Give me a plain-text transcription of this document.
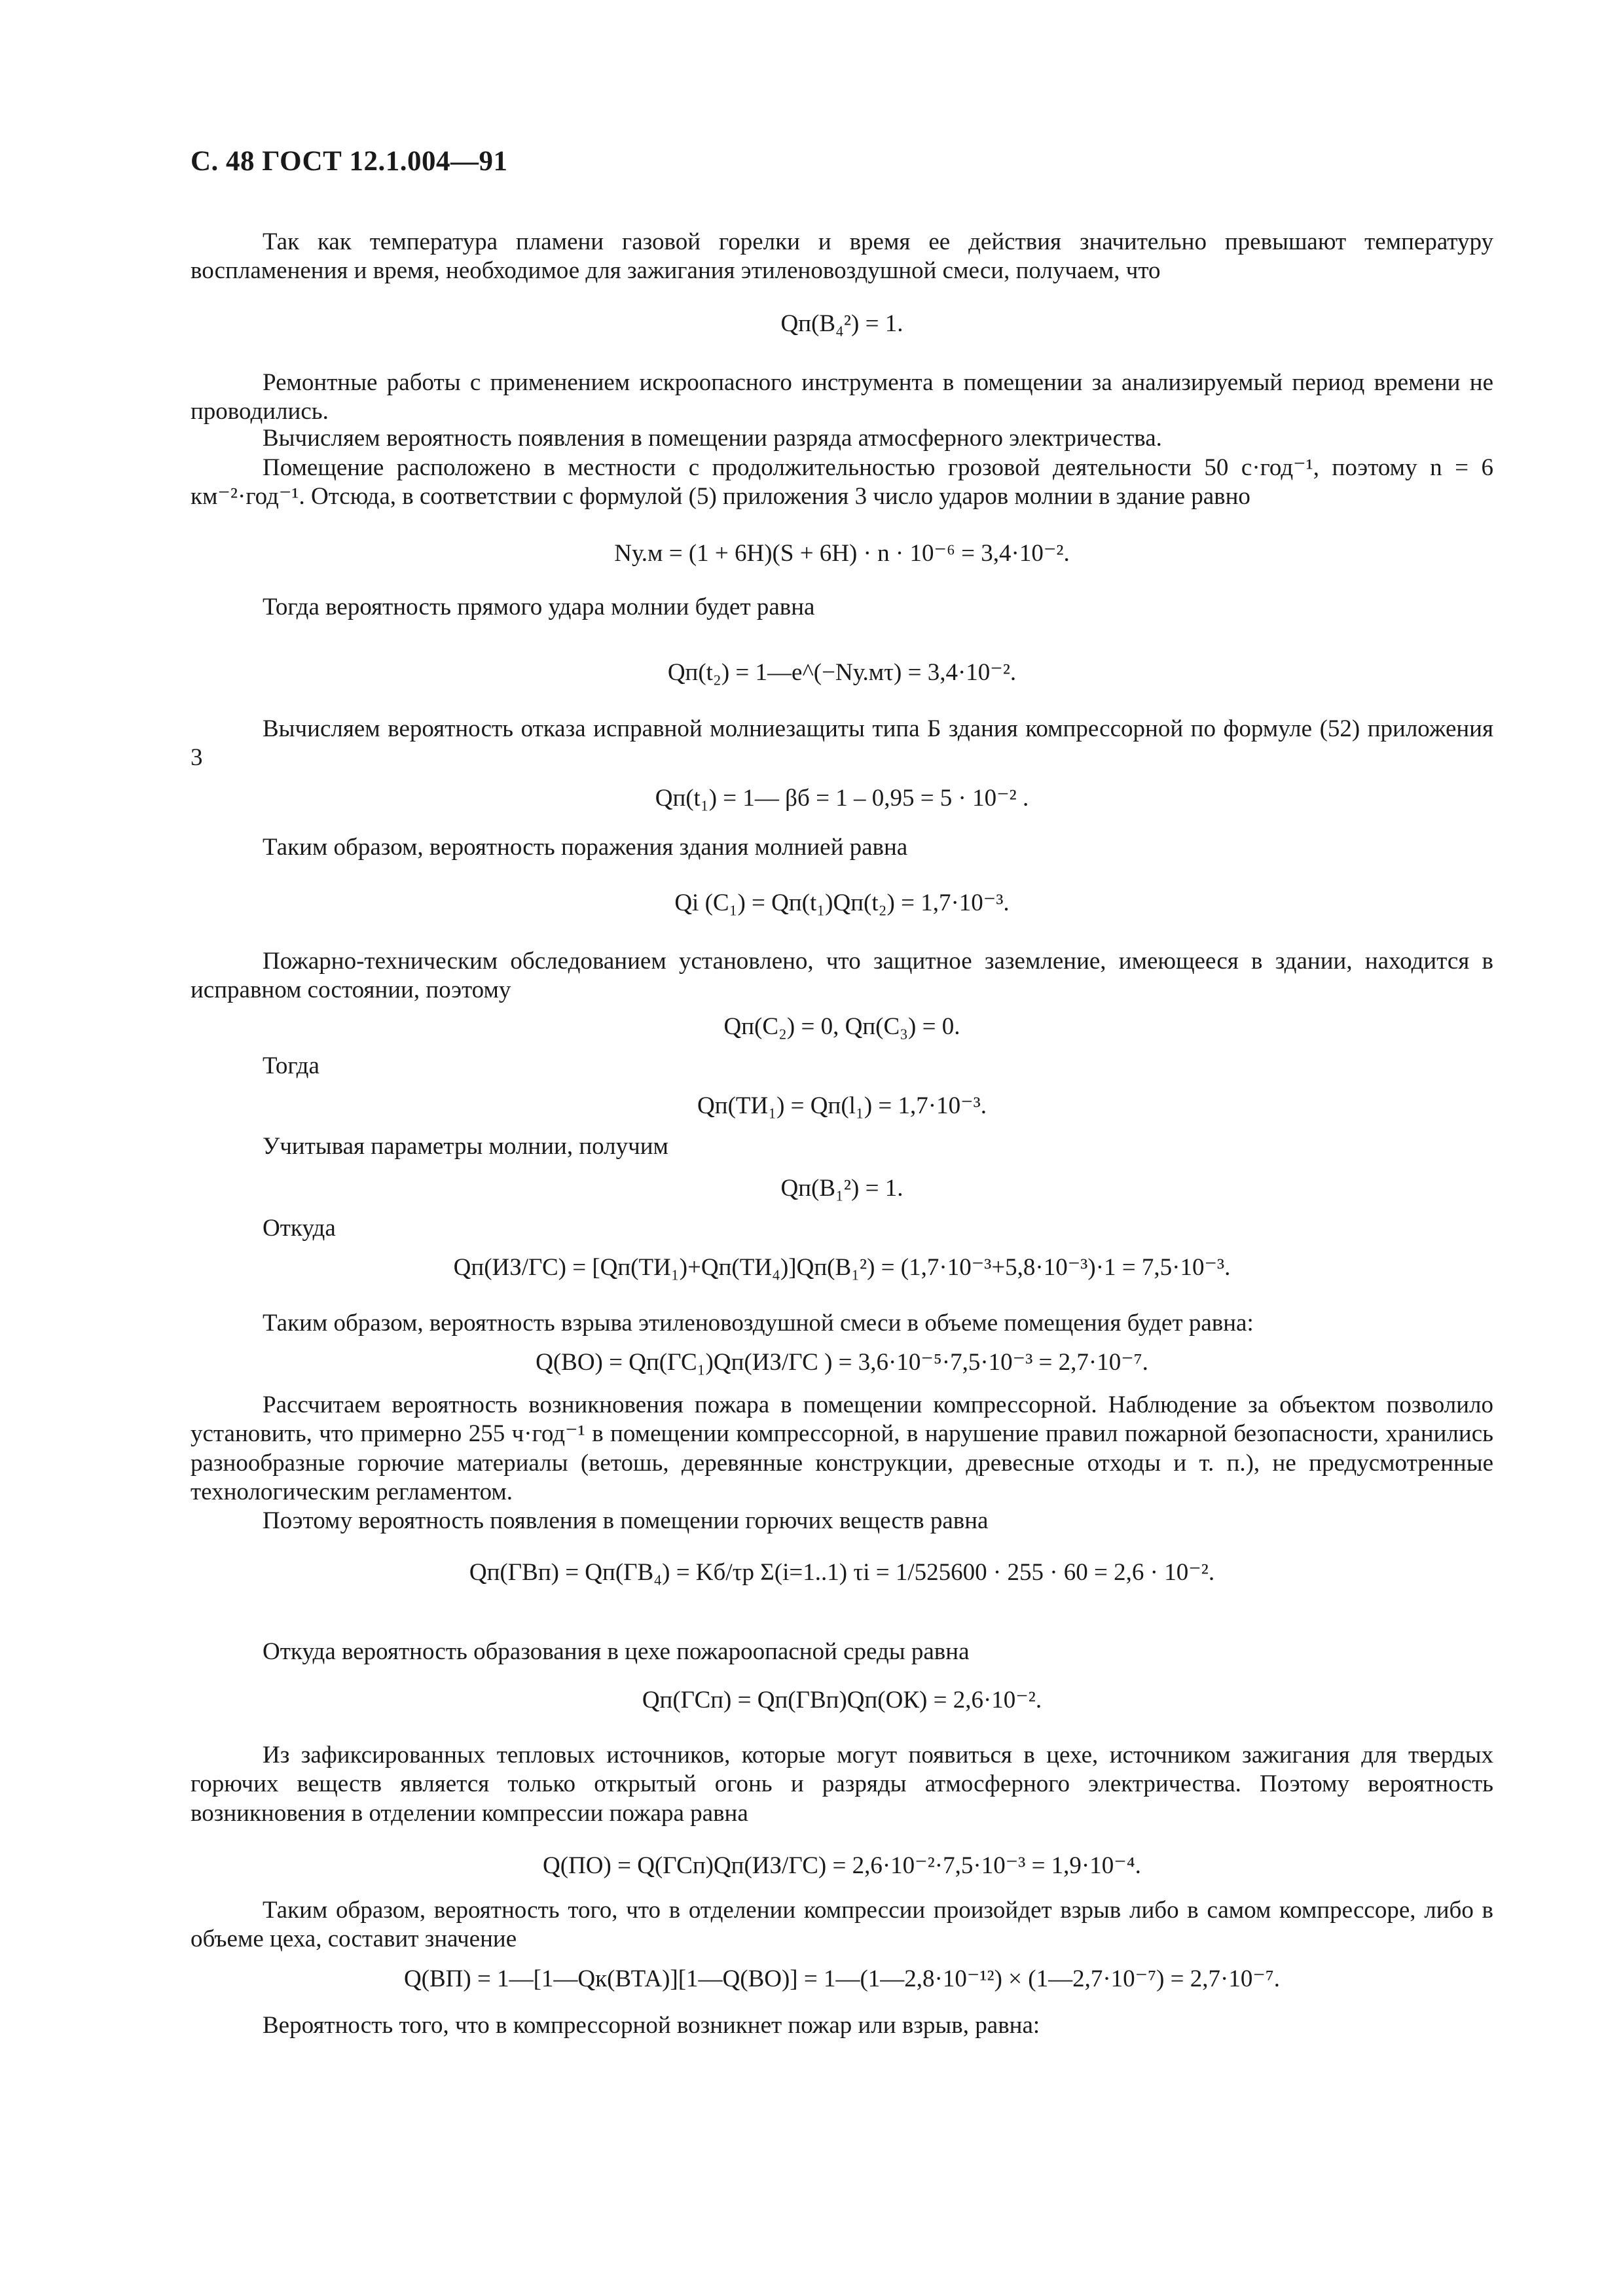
С. 48 ГОСТ 12.1.004—91
Так как температура пламени газовой горелки и время ее действия значительно превышают температуру воспламенения и время, необходимое для зажигания этиленовоздушной смеси, получаем, что
Qп(B₄²) = 1.
Ремонтные работы с применением искроопасного инструмента в помещении за анализируемый период времени не проводились.
Вычисляем вероятность появления в помещении разряда атмосферного электричества.
Помещение расположено в местности с продолжительностью грозовой деятельности 50 с·год⁻¹, поэтому n = 6 км⁻²·год⁻¹. Отсюда, в соответствии с формулой (5) приложения 3 число ударов молнии в здание равно
Nу.м = (1 + 6H)(S + 6H) · n · 10⁻⁶ = 3,4·10⁻².
Тогда вероятность прямого удара молнии будет равна
Qп(t₂) = 1—e^(−Nу.мτ) = 3,4·10⁻².
Вычисляем вероятность отказа исправной молниезащиты типа Б здания компрессорной по формуле (52) приложения 3
Qп(t₁) = 1— βб = 1 – 0,95 = 5 · 10⁻² .
Таким образом, вероятность поражения здания молнией равна
Qi (C₁) = Qп(t₁)Qп(t₂) = 1,7·10⁻³.
Пожарно-техническим обследованием установлено, что защитное заземление, имеющееся в здании, находится в исправном состоянии, поэтому
Qп(C₂) = 0, Qп(C₃) = 0.
Тогда
Qп(ТИ₁) = Qп(l₁) = 1,7·10⁻³.
Учитывая параметры молнии, получим
Qп(B₁²) = 1.
Откуда
Qп(ИЗ/ГС) = [Qп(ТИ₁)+Qп(ТИ₄)]Qп(B₁²) = (1,7·10⁻³+5,8·10⁻³)·1 = 7,5·10⁻³.
Таким образом, вероятность взрыва этиленовоздушной смеси в объеме помещения будет равна:
Q(ВО) = Qп(ГС₁)Qп(ИЗ/ГС ) = 3,6·10⁻⁵·7,5·10⁻³ = 2,7·10⁻⁷.
Рассчитаем вероятность возникновения пожара в помещении компрессорной. Наблюдение за объектом позволило установить, что примерно 255 ч·год⁻¹ в помещении компрессорной, в нарушение правил пожарной безопасности, хранились разнообразные горючие материалы (ветошь, деревянные конструкции, древесные отходы и т. п.), не предусмотренные технологическим регламентом.
Поэтому вероятность появления в помещении горючих веществ равна
Qп(ГВп) = Qп(ГВ₄) = Kб/τр Σ(i=1..1) τi = 1/525600 · 255 · 60 = 2,6 · 10⁻².
Откуда вероятность образования в цехе пожароопасной среды равна
Qп(ГСп) = Qп(ГВп)Qп(ОК) = 2,6·10⁻².
Из зафиксированных тепловых источников, которые могут появиться в цехе, источником зажигания для твердых горючих веществ является только открытый огонь и разряды атмосферного электричества. Поэтому вероятность возникновения в отделении компрессии пожара равна
Q(ПО) = Q(ГСп)Qп(ИЗ/ГС) = 2,6·10⁻²·7,5·10⁻³ = 1,9·10⁻⁴.
Таким образом, вероятность того, что в отделении компрессии произойдет взрыв либо в самом компрессоре, либо в объеме цеха, составит значение
Q(ВП) = 1—[1—Qк(ВТА)][1—Q(ВО)] = 1—(1—2,8·10⁻¹²) × (1—2,7·10⁻⁷) = 2,7·10⁻⁷.
Вероятность того, что в компрессорной возникнет пожар или взрыв, равна:
